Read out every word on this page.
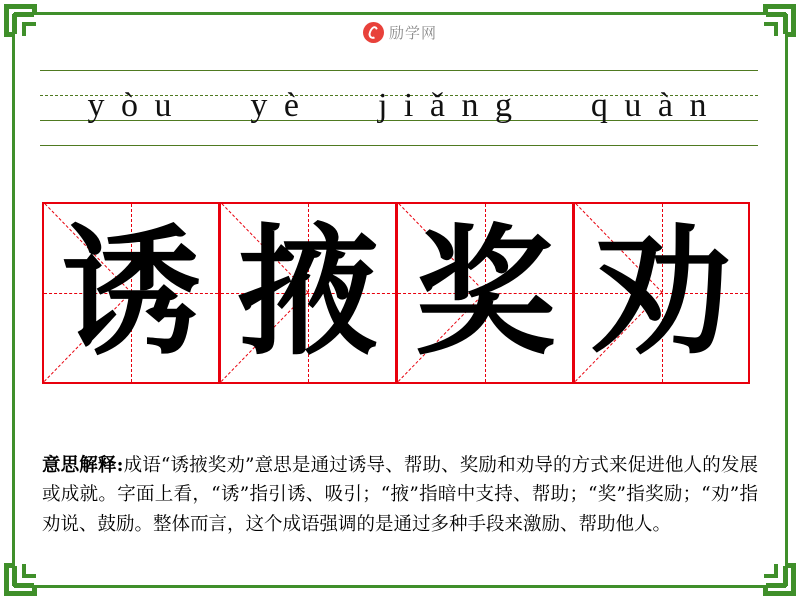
励学网
y ò u y è j i ǎ n g q u à n
诱 掖 奖 劝

意思解释:成语“诱掖奖劝”意思是通过诱导、帮助、奖励和劝导的方式来促进他人的发展或成就。字面上看，“诱”指引诱、吸引；“掖”指暗中支持、帮助；“奖”指奖励；“劝”指劝说、鼓励。整体而言，这个成语强调的是通过多种手段来激励、帮助他人。
